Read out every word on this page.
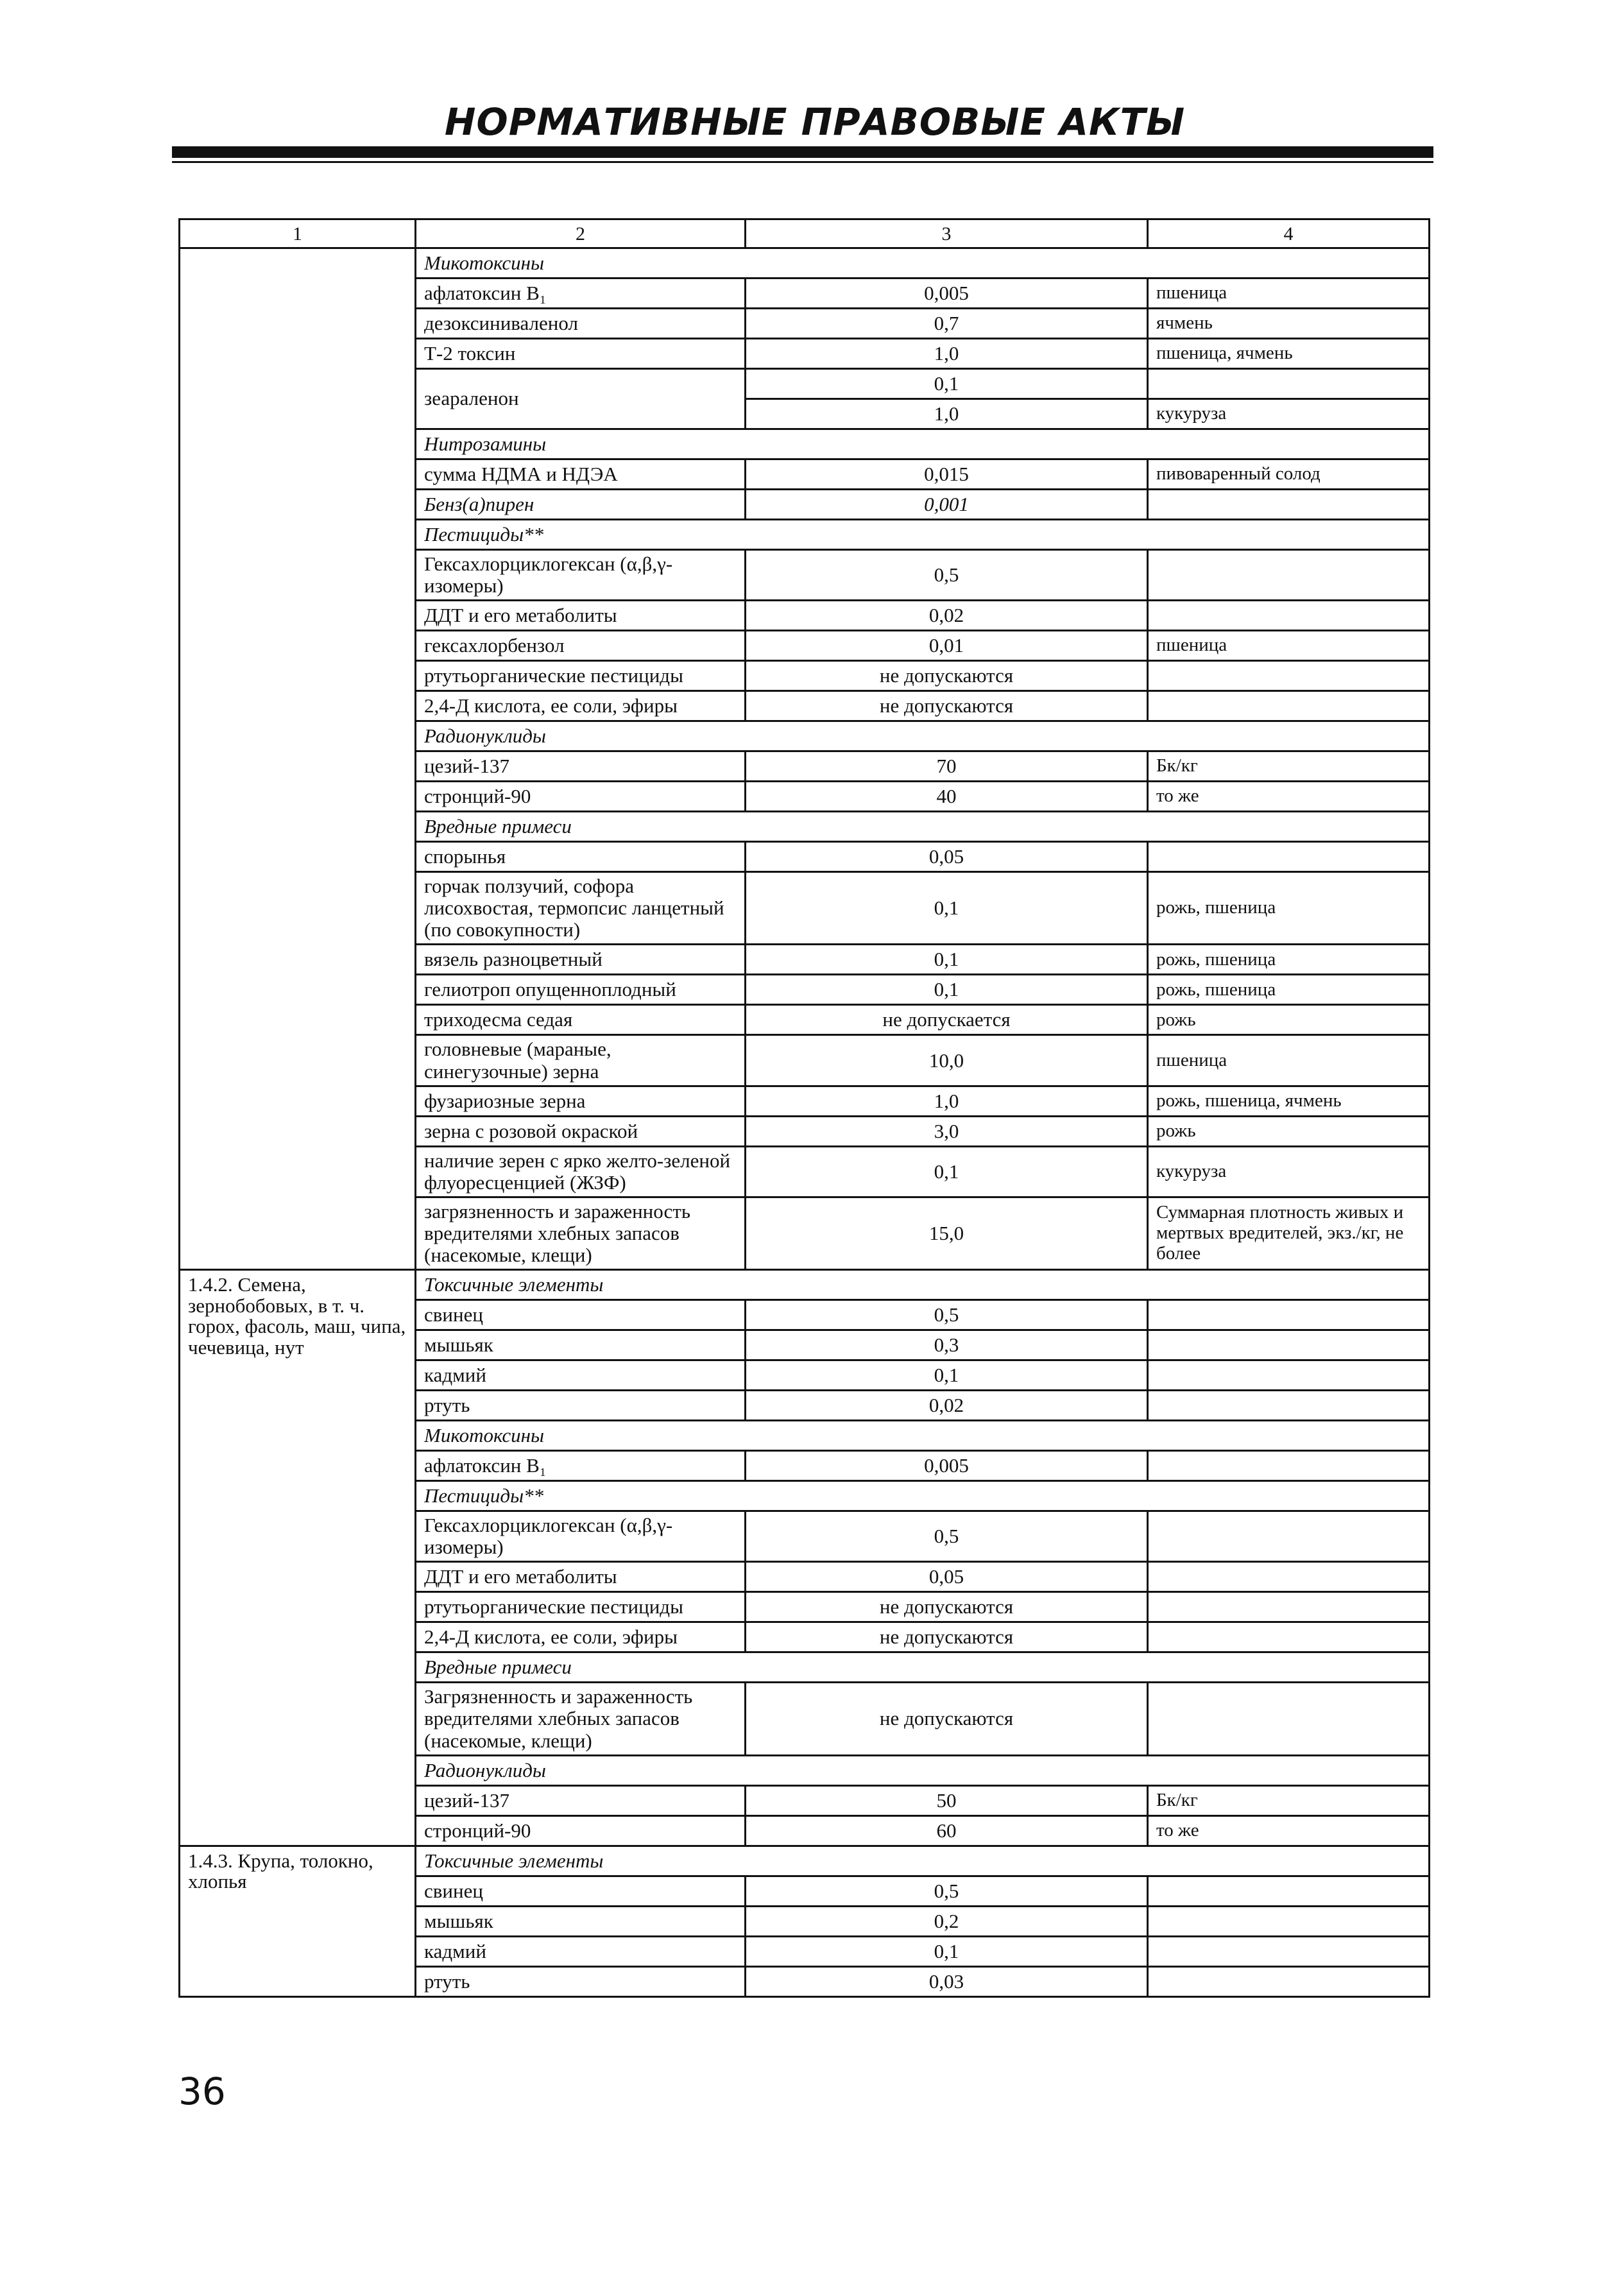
НОРМАТИВНЫЕ ПРАВОВЫЕ АКТЫ
1	2	3	4
	Микотоксины		
	афлатоксин B₁	0,005	пшеница
	дезоксиниваленол	0,7	ячмень
	Т-2 токсин	1,0	пшеница, ячмень
	зеараленон	0,1	
		1,0	кукуруза
	Нитрозамины		
	сумма НДМА и НДЭА	0,015	пивоваренный солод
	Бенз(а)пирен	0,001	
	Пестициды**		
	Гексахлорциклогексан (α,β,γ-изомеры)	0,5	
	ДДТ и его метаболиты	0,02	
	гексахлорбензол	0,01	пшеница
	ртутьорганические пестициды	не допускаются	
	2,4-Д кислота, ее соли, эфиры	не допускаются	
	Радионуклиды		
	цезий-137	70	Бк/кг
	стронций-90	40	то же
	Вредные примеси		
	спорынья	0,05	
	горчак ползучий, софора лисохвостая, термопсис ланцетный (по совокупности)	0,1	рожь, пшеница
	вязель разноцветный	0,1	рожь, пшеница
	гелиотроп опущенноплодный	0,1	рожь, пшеница
	триходесма седая	не допускается	рожь
	головневые (мараные, синегузочные) зерна	10,0	пшеница
	фузариозные зерна	1,0	рожь, пшеница, ячмень
	зерна с розовой окраской	3,0	рожь
	наличие зерен с ярко желто-зеленой флуоресценцией (ЖЗФ)	0,1	кукуруза
	загрязненность и зараженность вредителями хлебных запасов (насекомые, клещи)	15,0	Суммарная плотность живых и мертвых вредителей, экз./кг, не более
1.4.2. Семена, зернобобовых, в т. ч. горох, фасоль, маш, чипа, чечевица, нут	Токсичные элементы		
	свинец	0,5	
	мышьяк	0,3	
	кадмий	0,1	
	ртуть	0,02	
	Микотоксины		
	афлатоксин B₁	0,005	
	Пестициды**		
	Гексахлорциклогексан (α,β,γ-изомеры)	0,5	
	ДДТ и его метаболиты	0,05	
	ртутьорганические пестициды	не допускаются	
	2,4-Д кислота, ее соли, эфиры	не допускаются	
	Вредные примеси		
	Загрязненность и зараженность вредителями хлебных запасов (насекомые, клещи)	не допускаются	
	Радионуклиды		
	цезий-137	50	Бк/кг
	стронций-90	60	то же
1.4.3. Крупа, толокно, хлопья	Токсичные элементы		
	свинец	0,5	
	мышьяк	0,2	
	кадмий	0,1	
	ртуть	0,03	
36
